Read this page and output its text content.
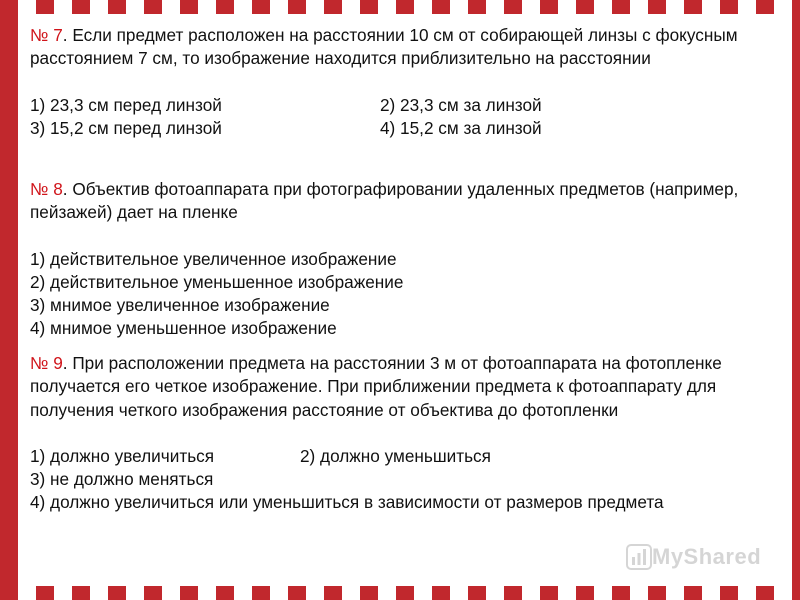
№ 7. Если предмет расположен на расстоянии 10 см от собирающей линзы с фокусным расстоянием 7 см, то изображение находится приблизительно на расстоянии

1) 23,3 см перед линзой	2) 23,3 см за линзой
3) 15,2 см перед линзой	4) 15,2 см за линзой

№ 8. Объектив фотоаппарата при фотографировании удаленных предметов (например, пейзажей) дает на пленке

1) действительное увеличенное изображение

2) действительное уменьшенное изображение

3) мнимое увеличенное изображение

4) мнимое уменьшенное изображение

№ 9. При расположении предмета на расстоянии 3 м от фотоаппарата на фотопленке получается его четкое изображение. При приближении предмета к фотоаппарату для получения четкого изображения расстояние от объектива до фотопленки

1) должно увеличиться	2) должно уменьшиться

3) не должно меняться

4) должно увеличиться или уменьшиться в зависимости от размеров предмета

MyShared
